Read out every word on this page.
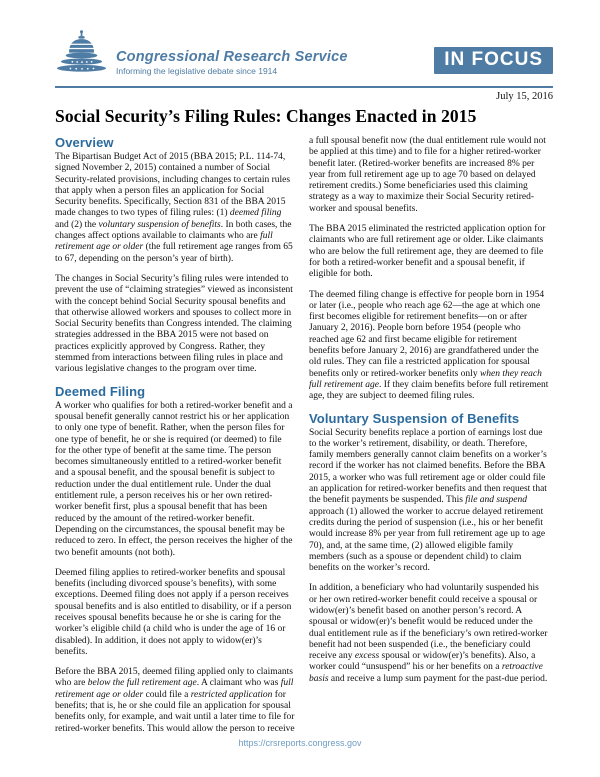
Congressional Research Service
Informing the legislative debate since 1914
IN FOCUS
July 15, 2016
Social Security’s Filing Rules: Changes Enacted in 2015
Overview

The Bipartisan Budget Act of 2015 (BBA 2015; P.L. 114-74, signed November 2, 2015) contained a number of Social Security-related provisions, including changes to certain rules that apply when a person files an application for Social Security benefits. Specifically, Section 831 of the BBA 2015 made changes to two types of filing rules: (1) deemed filing and (2) the voluntary suspension of benefits. In both cases, the changes affect options available to claimants who are full retirement age or older (the full retirement age ranges from 65 to 67, depending on the person’s year of birth).

The changes in Social Security’s filing rules were intended to prevent the use of “claiming strategies” viewed as inconsistent with the concept behind Social Security spousal benefits and that otherwise allowed workers and spouses to collect more in Social Security benefits than Congress intended. The claiming strategies addressed in the BBA 2015 were not based on practices explicitly approved by Congress. Rather, they stemmed from interactions between filing rules in place and various legislative changes to the program over time.

Deemed Filing

A worker who qualifies for both a retired-worker benefit and a spousal benefit generally cannot restrict his or her application to only one type of benefit. Rather, when the person files for one type of benefit, he or she is required (or deemed) to file for the other type of benefit at the same time. The person becomes simultaneously entitled to a retired-worker benefit and a spousal benefit, and the spousal benefit is subject to reduction under the dual entitlement rule. Under the dual entitlement rule, a person receives his or her own retired-worker benefit first, plus a spousal benefit that has been reduced by the amount of the retired-worker benefit. Depending on the circumstances, the spousal benefit may be reduced to zero. In effect, the person receives the higher of the two benefit amounts (not both).

Deemed filing applies to retired-worker benefits and spousal benefits (including divorced spouse’s benefits), with some exceptions. Deemed filing does not apply if a person receives spousal benefits and is also entitled to disability, or if a person receives spousal benefits because he or she is caring for the worker’s eligible child (a child who is under the age of 16 or disabled). In addition, it does not apply to widow(er)’s benefits.

Before the BBA 2015, deemed filing applied only to claimants who are below the full retirement age. A claimant who was full retirement age or older could file a restricted application for benefits; that is, he or she could file an application for spousal benefits only, for example, and wait until a later time to file for retired-worker benefits. This would allow the person to receive a full spousal benefit now (the dual entitlement rule would not be applied at this time) and to file for a higher retired-worker benefit later. (Retired-worker benefits are increased 8% per year from full retirement age up to age 70 based on delayed retirement credits.) Some beneficiaries used this claiming strategy as a way to maximize their Social Security retired-worker and spousal benefits.

The BBA 2015 eliminated the restricted application option for claimants who are full retirement age or older. Like claimants who are below the full retirement age, they are deemed to file for both a retired-worker benefit and a spousal benefit, if eligible for both.

The deemed filing change is effective for people born in 1954 or later (i.e., people who reach age 62—the age at which one first becomes eligible for retirement benefits—on or after January 2, 2016). People born before 1954 (people who reached age 62 and first became eligible for retirement benefits before January 2, 2016) are grandfathered under the old rules. They can file a restricted application for spousal benefits only or retired-worker benefits only when they reach full retirement age. If they claim benefits before full retirement age, they are subject to deemed filing rules.

Voluntary Suspension of Benefits

Social Security benefits replace a portion of earnings lost due to the worker’s retirement, disability, or death. Therefore, family members generally cannot claim benefits on a worker’s record if the worker has not claimed benefits. Before the BBA 2015, a worker who was full retirement age or older could file an application for retired-worker benefits and then request that the benefit payments be suspended. This file and suspend approach (1) allowed the worker to accrue delayed retirement credits during the period of suspension (i.e., his or her benefit would increase 8% per year from full retirement age up to age 70), and, at the same time, (2) allowed eligible family members (such as a spouse or dependent child) to claim benefits on the worker’s record.

In addition, a beneficiary who had voluntarily suspended his or her own retired-worker benefit could receive a spousal or widow(er)’s benefit based on another person’s record. A spousal or widow(er)’s benefit would be reduced under the dual entitlement rule as if the beneficiary’s own retired-worker benefit had not been suspended (i.e., the beneficiary could receive any excess spousal or widow(er)’s benefits). Also, a worker could “unsuspend” his or her benefits on a retroactive basis and receive a lump sum payment for the past-due period.

https://crsreports.congress.gov
